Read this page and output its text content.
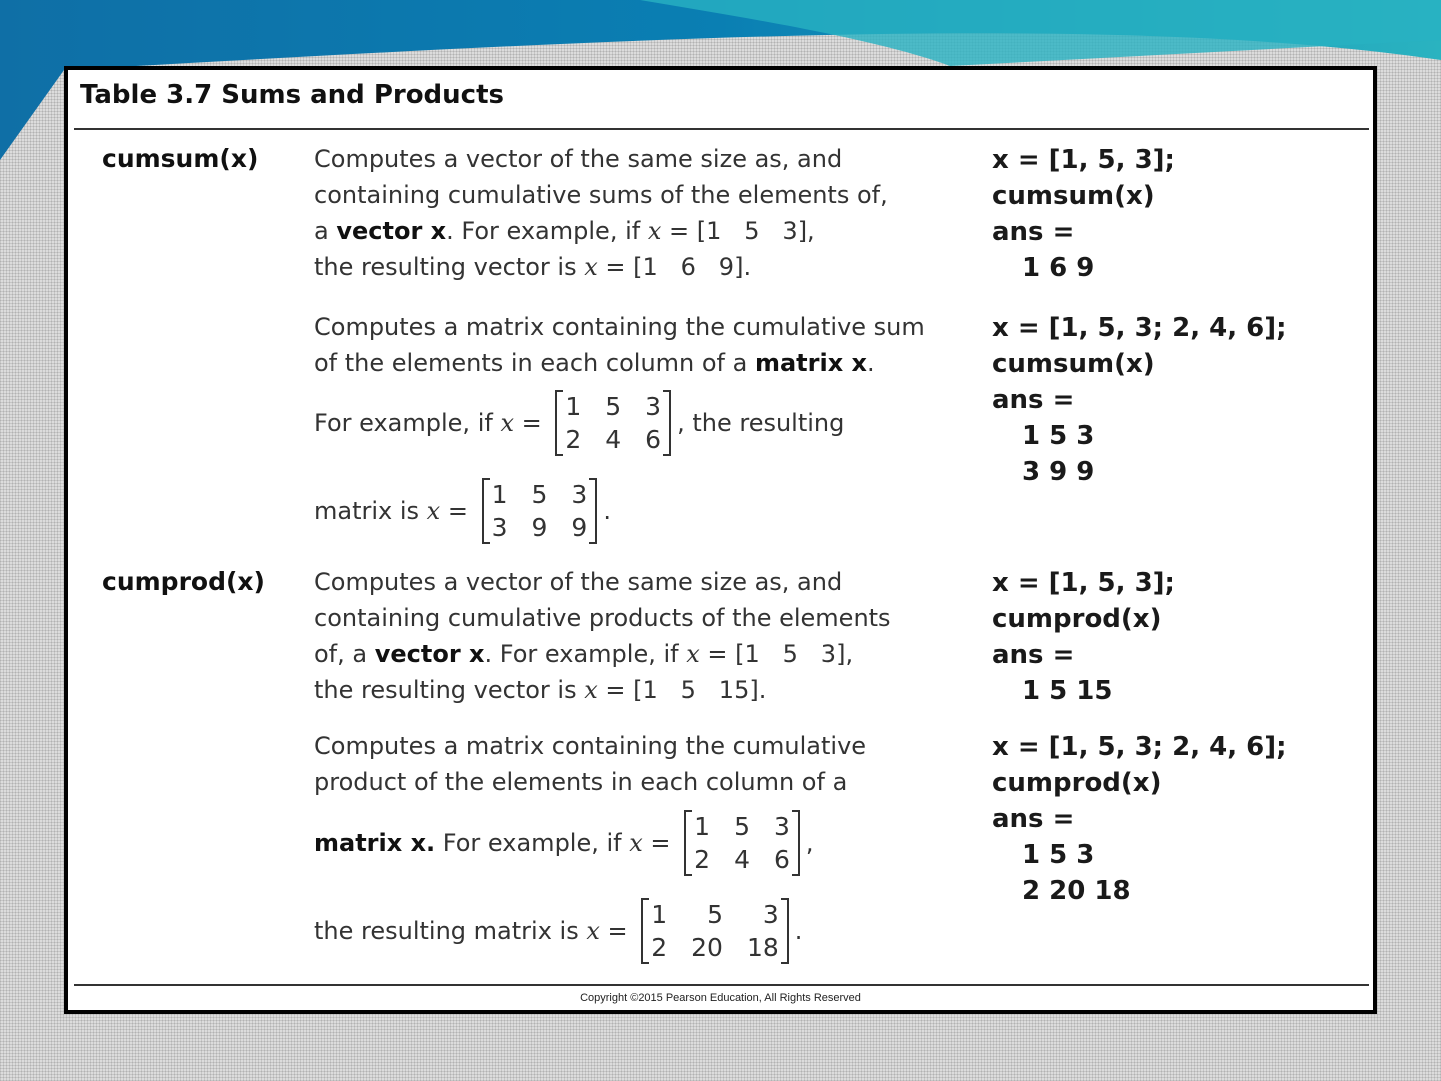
Table 3.7 Sums and Products
cumsum(x) Computes a vector of the same size as, and
containing cumulative sums of the elements of,
a vector x. For example, if x = [1   5   3],
the resulting vector is x = [1   6   9].
x = [1, 5, 3];
cumsum(x)
ans =
1 6 9
Computes a matrix containing the cumulative sum
of the elements in each column of a matrix x.
For example, if x =
1 5 3
2 4 6
, the resulting
matrix is x =
1 5 3
3 9 9
.
x = [1, 5, 3; 2, 4, 6];
cumsum(x)
ans =
1 5 3
3 9 9
cumprod(x) Computes a vector of the same size as, and
containing cumulative products of the elements
of, a vector x. For example, if x = [1   5   3],
the resulting vector is x = [1   5   15].
x = [1, 5, 3];
cumprod(x)
ans =
1 5 15
Computes a matrix containing the cumulative
product of the elements in each column of a
matrix x. For example, if x =
1 5 3
2 4 6
,
the resulting matrix is x =
1	5	3
2 20 18
.
x = [1, 5, 3; 2, 4, 6];
cumprod(x)
ans =
1 5 3
2 20 18
Copyright ©2015 Pearson Education, All Rights Reserved
